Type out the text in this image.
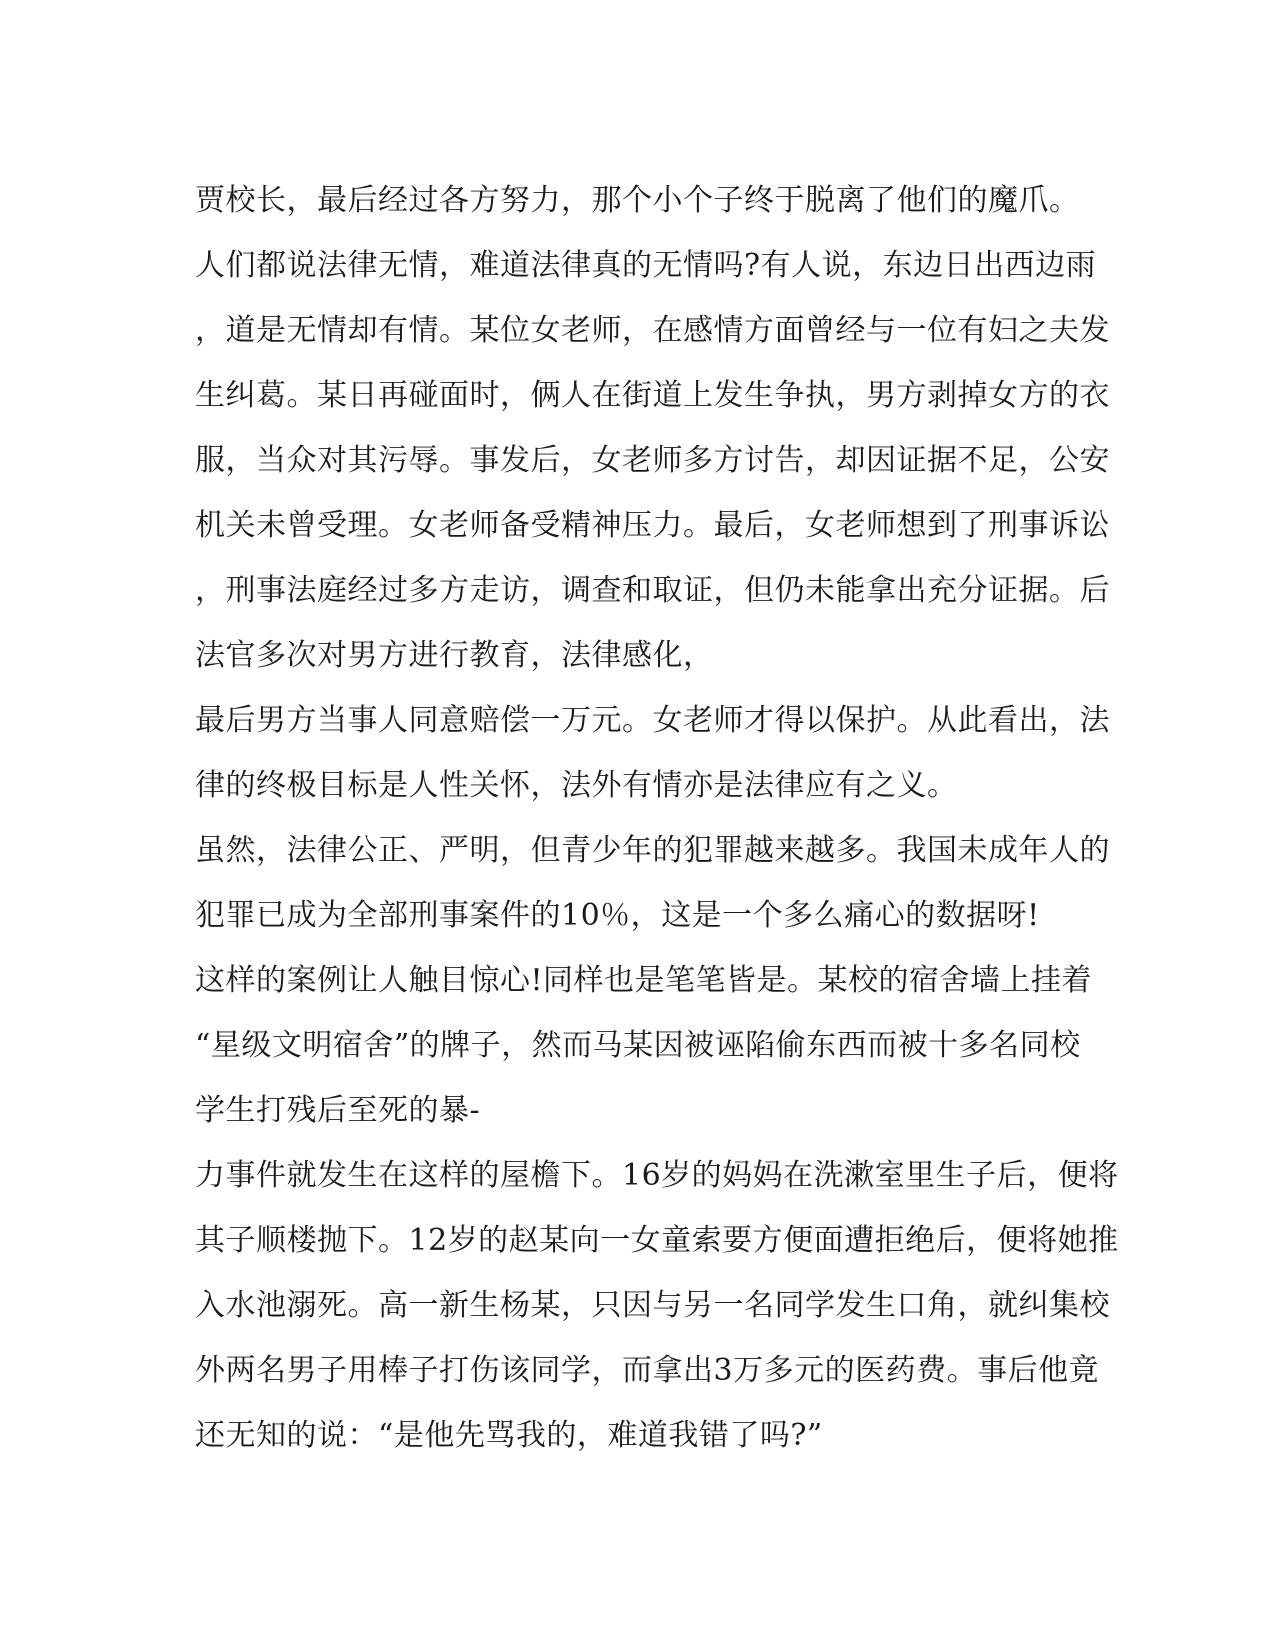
贾校长，最后经过各方努力，那个小个子终于脱离了他们的魔爪。
人们都说法律无情，难道法律真的无情吗?有人说，东边日出西边雨
，道是无情却有情。某位女老师，在感情方面曾经与一位有妇之夫发
生纠葛。某日再碰面时，俩人在街道上发生争执，男方剥掉女方的衣
服，当众对其污辱。事发后，女老师多方讨告，却因证据不足，公安
机关未曾受理。女老师备受精神压力。最后，女老师想到了刑事诉讼
，刑事法庭经过多方走访，调查和取证，但仍未能拿出充分证据。后
法官多次对男方进行教育，法律感化，
最后男方当事人同意赔偿一万元。女老师才得以保护。从此看出，法
律的终极目标是人性关怀，法外有情亦是法律应有之义。
虽然，法律公正、严明，但青少年的犯罪越来越多。我国未成年人的
犯罪已成为全部刑事案件的10％，这是一个多么痛心的数据呀!
这样的案例让人触目惊心!同样也是笔笔皆是。某校的宿舍墙上挂着
“星级文明宿舍”的牌子，然而马某因被诬陷偷东西而被十多名同校
学生打残后至死的暴-
力事件就发生在这样的屋檐下。16岁的妈妈在洗漱室里生子后，便将
其子顺楼抛下。12岁的赵某向一女童索要方便面遭拒绝后，便将她推
入水池溺死。高一新生杨某，只因与另一名同学发生口角，就纠集校
外两名男子用棒子打伤该同学，而拿出3万多元的医药费。事后他竟
还无知的说：“是他先骂我的，难道我错了吗?”
